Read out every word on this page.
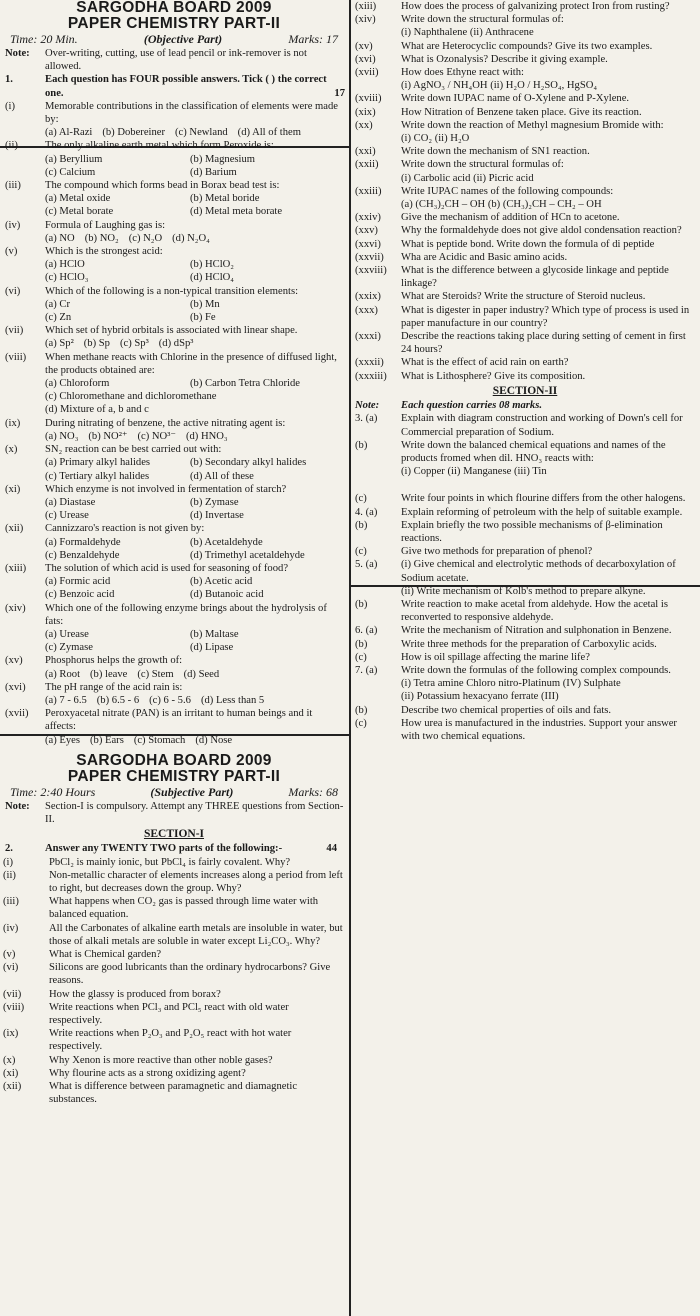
SARGODHA BOARD 2009
PAPER CHEMISTRY PART-II
Time: 20 Min.	(Objective Part)	Marks: 17
Note:	Over-writing, cutting, use of lead pencil or ink-remover is not allowed.
1.	Each question has FOUR possible answers. Tick ( ) the correct one.	17
(i)	Memorable contributions in the classification of elements were made by:
(a) Al-Razi (b) Dobereiner (c) Newland (d) All of them
(ii)	The only alkaline earth metal which form Peroxide is:
(a) Beryllium	(b) Magnesium
(c) Calcium	(d) Barium
(iii)	The compound which forms bead in Borax bead test is:
(a) Metal oxide	(b) Metal boride
(c) Metal borate	(d) Metal meta borate
(iv)	Formula of Laughing gas is:
(a) NO (b) NO₂ (c) N₂O (d) N₂O₄
(v)	Which is the strongest acid:
(a) HClO	(b) HClO₂
(c) HClO₃	(d) HClO₄
(vi)	Which of the following is a non-typical transition elements:
(a) Cr	(b) Mn
(c) Zn	(b) Fe
(vii)	Which set of hybrid orbitals is associated with linear shape.
(a) Sp² (b) Sp (c) Sp³ (d) dSp³
(viii)	When methane reacts with Chlorine in the presence of diffused light, the products obtained are:
(a) Chloroform	(b) Carbon Tetra Chloride
(c) Chloromethane and dichloromethane
(d) Mixture of a, b and c
(ix)	During nitrating of benzene, the active nitrating agent is:
(a) NO₃ (b) NO²⁺ (c) NO³⁻ (d) HNO₃
(x)	SN₂ reaction can be best carried out with:
(a) Primary alkyl halides	(b) Secondary alkyl halides
(c) Tertiary alkyl halides	(d) All of these
(xi)	Which enzyme is not involved in fermentation of starch?
(a) Diastase	(b) Zymase
(c) Urease	(d) Invertase
(xii)	Cannizzaro's reaction is not given by:
(a) Formaldehyde	(b) Acetaldehyde
(c) Benzaldehyde	(d) Trimethyl acetaldehyde
(xiii)	The solution of which acid is used for seasoning of food?
(a) Formic acid	(b) Acetic acid
(c) Benzoic acid	(d) Butanoic acid
(xiv)	Which one of the following enzyme brings about the hydrolysis of fats:
(a) Urease	(b) Maltase
(c) Zymase	(d) Lipase
(xv)	Phosphorus helps the growth of:
(a) Root (b) leave (c) Stem (d) Seed
(xvi)	The pH range of the acid rain is:
(a) 7 - 6.5 (b) 6.5 - 6 (c) 6 - 5.6 (d) Less than 5
(xvii)	Peroxyacetal nitrate (PAN) is an irritant to human beings and it affects:
(a) Eyes (b) Ears (c) Stomach (d) Nose
SARGODHA BOARD 2009
PAPER CHEMISTRY PART-II
Time: 2:40 Hours	(Subjective Part)	Marks: 68
Note:	Section-I is compulsory. Attempt any THREE questions from Section-II.
SECTION-I
2.	Answer any TWENTY TWO parts of the following:-	44
(i)	PbCl₂ is mainly ionic, but PbCl₄ is fairly covalent. Why?
(ii)	Non-metallic character of elements increases along a period from left to right, but decreases down the group. Why?
(iii)	What happens when CO₂ gas is passed through lime water with balanced equation.
(iv)	All the Carbonates of alkaline earth metals are insoluble in water, but those of alkali metals are soluble in water except Li₂CO₃. Why?
(v)	What is Chemical garden?
(vi)	Silicons are good lubricants than the ordinary hydrocarbons? Give reasons.
(vii)	How the glassy is produced from borax?
(viii)	Write reactions when PCl₃ and PCl₅ react with old water respectively.
(ix)	Write reactions when P₂O₃ and P₂O₅ react with hot water respectively.
(x)	Why Xenon is more reactive than other noble gases?
(xi)	Why flourine acts as a strong oxidizing agent?
(xii)	What is difference between paramagnetic and diamagnetic substances.
(xiii)	How does the process of galvanizing protect Iron from rusting?
(xiv)	Write down the structural formulas of:
(i) Naphthalene (ii) Anthracene
(xv)	What are Heterocyclic compounds? Give its two examples.
(xvi)	What is Ozonalysis? Describe it giving example.
(xvii)	How does Ethyne react with:
(i) AgNO₃ / NH₄OH (ii) H₂O / H₂SO₄, HgSO₄
(xviii)	Write down IUPAC name of O-Xylene and P-Xylene.
(xix)	How Nitration of Benzene taken place. Give its reaction.
(xx)	Write down the reaction of Methyl magnesium Bromide with:
(i) CO₂ (ii) H₂O
(xxi)	Write down the mechanism of SN1 reaction.
(xxii)	Write down the structural formulas of:
(i) Carbolic acid (ii) Picric acid
(xxiii)	Write IUPAC names of the following compounds:
(a) (CH₃)₂CH – OH (b) (CH₃)₂CH – CH₂ – OH
(xxiv)	Give the mechanism of addition of HCn to acetone.
(xxv)	Why the formaldehyde does not give aldol condensation reaction?
(xxvi)	What is peptide bond. Write down the formula of di peptide
(xxvii)	Wha are Acidic and Basic amino acids.
(xxviii)	What is the difference between a glycoside linkage and peptide linkage?
(xxix)	What are Steroids? Write the structure of Steroid nucleus.
(xxx)	What is digester in paper industry? Which type of process is used in paper manufacture in our country?
(xxxi)	Describe the reactions taking place during setting of cement in first 24 hours?
(xxxii)	What is the effect of acid rain on earth?
(xxxiii)	What is Lithosphere? Give its composition.
SECTION-II
Note:	Each question carries 08 marks.
3. (a)	Explain with diagram construction and working of Down's cell for Commercial preparation of Sodium.
(b)	Write down the balanced chemical equations and names of the products fromed when dil. HNO₃ reacts with:
(i) Copper (ii) Manganese (iii) Tin
(c)	Write four points in which flourine differs from the other halogens.
4. (a)	Explain reforming of petroleum with the help of suitable example.
(b)	Explain briefly the two possible mechanisms of β-elimination reactions.
(c)	Give two methods for preparation of phenol?
5. (a)	(i) Give chemical and electrolytic methods of decarboxylation of Sodium acetate.
(ii) Write mechanism of Kolb's method to prepare alkyne.
(b)	Write reaction to make acetal from aldehyde. How the acetal is reconverted to responsive aldehyde.
6. (a)	Write the mechanism of Nitration and sulphonation in Benzene.
(b)	Write three methods for the preparation of Carboxylic acids.
(c)	How is oil spillage affecting the marine life?
7. (a)	Write down the formulas of the following complex compounds.
(i) Tetra amine Chloro nitro-Platinum (IV) Sulphate
(ii) Potassium hexacyano ferrate (III)
(b)	Describe two chemical properties of oils and fats.
(c)	How urea is manufactured in the industries. Support your answer with two chemical equations.
